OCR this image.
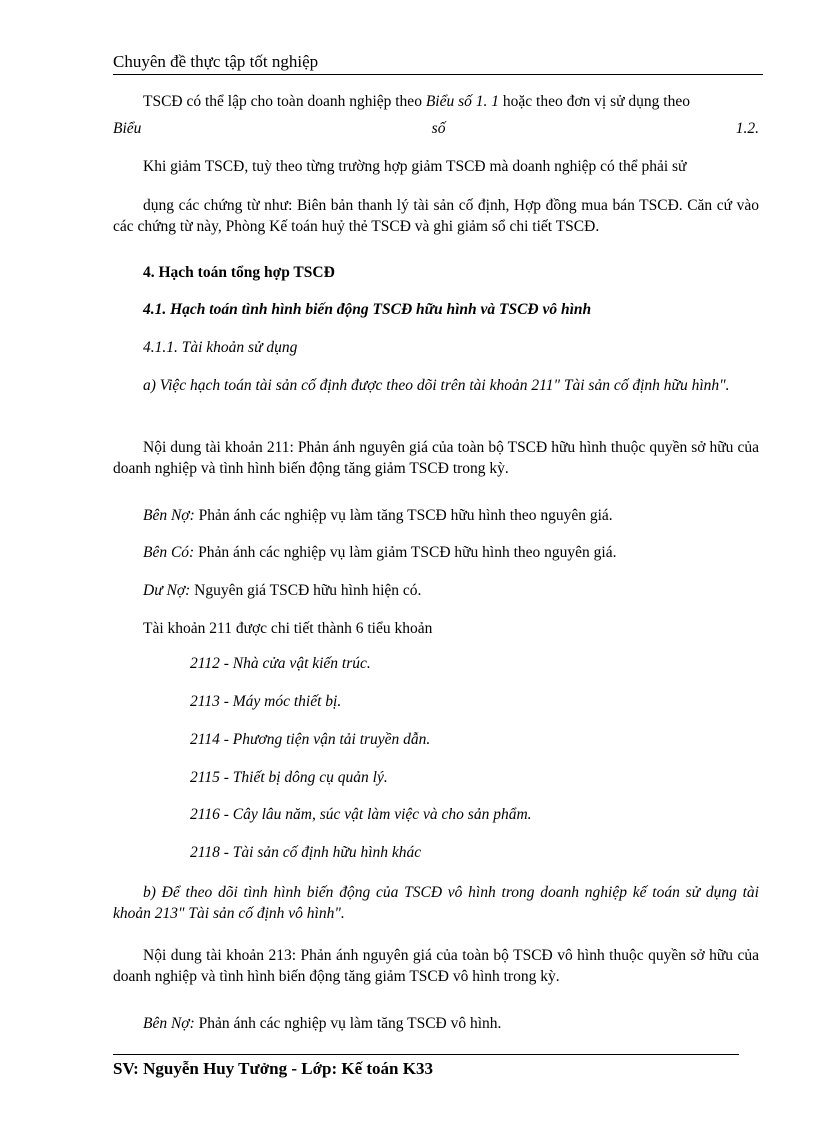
Chuyên đề thực tập tốt nghiệp
TSCĐ có thể lập cho toàn doanh nghiệp theo Biểu số 1. 1 hoặc theo đơn vị sử dụng theo
Biểu	số	1.2.

Khi giảm TSCĐ, tuỳ theo từng trường hợp giảm TSCĐ mà doanh nghiệp có thể phải sử

dụng các chứng từ như: Biên bản thanh lý tài sản cố định, Hợp đồng mua bán TSCĐ. Căn cứ vào các chứng từ này, Phòng Kế toán huỷ thẻ TSCĐ và ghi giảm sổ chi tiết TSCĐ.

4. Hạch toán tổng hợp TSCĐ

4.1. Hạch toán tình hình biến động TSCĐ hữu hình và TSCĐ vô hình

4.1.1. Tài khoản sử dụng

a) Việc hạch toán tài sản cố định được theo dõi trên tài khoản 211" Tài sản cố định hữu hình".

Nội dung tài khoản 211: Phản ánh nguyên giá của toàn bộ TSCĐ hữu hình thuộc quyền sở hữu của doanh nghiệp và tình hình biến động tăng giảm TSCĐ trong kỳ.

Bên Nợ: Phản ánh các nghiệp vụ làm tăng TSCĐ hữu hình theo nguyên giá.
Bên Có: Phản ánh các nghiệp vụ làm giảm TSCĐ hữu hình theo nguyên giá.
Dư Nợ: Nguyên giá TSCĐ hữu hình hiện có.

Tài khoản 211 được chi tiết thành 6 tiểu khoản

2112 - Nhà cửa vật kiến trúc.

2113 - Máy móc thiết bị.

2114 - Phương tiện vận tải truyền dẫn.

2115 - Thiết bị dông cụ quản lý.

2116 - Cây lâu năm, súc vật làm việc và cho sản phẩm.

2118 - Tài sản cố định hữu hình khác

b) Để theo dõi tình hình biến động của TSCĐ vô hình trong doanh nghiệp kế toán sử dụng tài khoản 213" Tài sản cố định vô hình".

Nội dung tài khoản 213: Phản ánh nguyên giá của toàn bộ TSCĐ vô hình thuộc quyền sở hữu của doanh nghiệp và tình hình biến động tăng giảm TSCĐ vô hình trong kỳ.

Bên Nợ: Phản ánh các nghiệp vụ làm tăng TSCĐ vô hình.
SV: Nguyễn Huy Tưởng - Lớp: Kế toán K33
